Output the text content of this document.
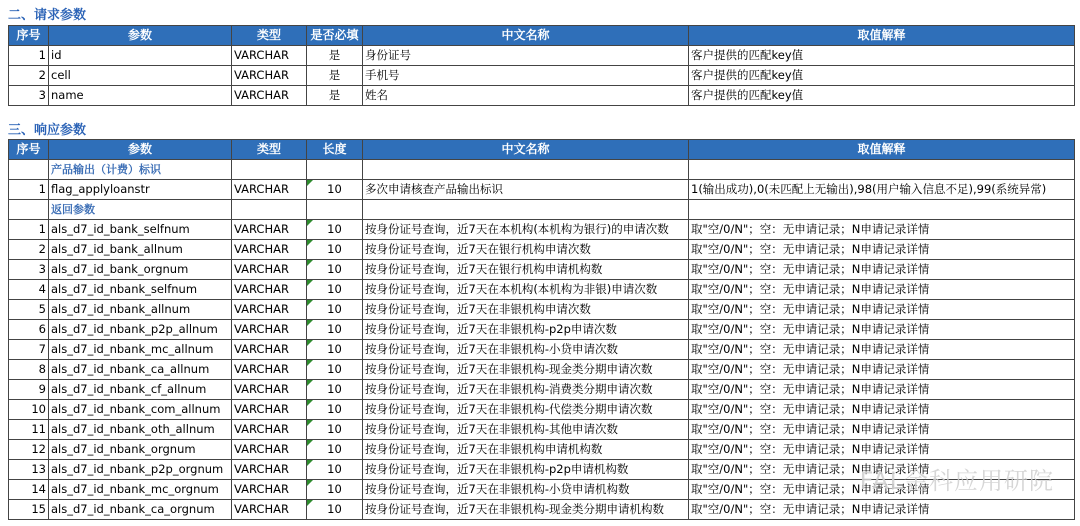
二、请求参数
序号	参数	类型	是否必填	中文名称	取值解释
1	id	VARCHAR	是	身份证号	客户提供的匹配key值
2	cell	VARCHAR	是	手机号	客户提供的匹配key值
3	name	VARCHAR	是	姓名	客户提供的匹配key值
三、响应参数
序号	参数	类型	长度	中文名称	取值解释
	产品输出（计费）标识				
1	flag_applyloanstr	VARCHAR	10	多次申请核查产品输出标识	1(输出成功),0(未匹配上无输出),98(用户输入信息不足),99(系统异常)
	返回参数				
1	als_d7_id_bank_selfnum	VARCHAR	10	按身份证号查询，近7天在本机构(本机构为银行)的申请次数	取"空/0/N"；空：无申请记录；N申请记录详情
2	als_d7_id_bank_allnum	VARCHAR	10	按身份证号查询，近7天在银行机构申请次数	取"空/0/N"；空：无申请记录；N申请记录详情
3	als_d7_id_bank_orgnum	VARCHAR	10	按身份证号查询，近7天在银行机构申请机构数	取"空/0/N"；空：无申请记录；N申请记录详情
4	als_d7_id_nbank_selfnum	VARCHAR	10	按身份证号查询，近7天在本机构(本机构为非银)申请次数	取"空/0/N"；空：无申请记录；N申请记录详情
5	als_d7_id_nbank_allnum	VARCHAR	10	按身份证号查询，近7天在非银机构申请次数	取"空/0/N"；空：无申请记录；N申请记录详情
6	als_d7_id_nbank_p2p_allnum	VARCHAR	10	按身份证号查询，近7天在非银机构-p2p申请次数	取"空/0/N"；空：无申请记录；N申请记录详情
7	als_d7_id_nbank_mc_allnum	VARCHAR	10	按身份证号查询，近7天在非银机构-小贷申请次数	取"空/0/N"；空：无申请记录；N申请记录详情
8	als_d7_id_nbank_ca_allnum	VARCHAR	10	按身份证号查询，近7天在非银机构-现金类分期申请次数	取"空/0/N"；空：无申请记录；N申请记录详情
9	als_d7_id_nbank_cf_allnum	VARCHAR	10	按身份证号查询，近7天在非银机构-消费类分期申请次数	取"空/0/N"；空：无申请记录；N申请记录详情
10	als_d7_id_nbank_com_allnum	VARCHAR	10	按身份证号查询，近7天在非银机构-代偿类分期申请次数	取"空/0/N"；空：无申请记录；N申请记录详情
11	als_d7_id_nbank_oth_allnum	VARCHAR	10	按身份证号查询，近7天在非银机构-其他申请次数	取"空/0/N"；空：无申请记录；N申请记录详情
12	als_d7_id_nbank_orgnum	VARCHAR	10	按身份证号查询，近7天在非银机构申请机构数	取"空/0/N"；空：无申请记录；N申请记录详情
13	als_d7_id_nbank_p2p_orgnum	VARCHAR	10	按身份证号查询，近7天在非银机构-p2p申请机构数	取"空/0/N"；空：无申请记录；N申请记录详情
14	als_d7_id_nbank_mc_orgnum	VARCHAR	10	按身份证号查询，近7天在非银机构-小贷申请机构数	取"空/0/N"；空：无申请记录；N申请记录详情
15	als_d7_id_nbank_ca_orgnum	VARCHAR	10	按身份证号查询，近7天在非银机构-现金类分期申请机构数	取"空/0/N"；空：无申请记录；N申请记录详情
FAL金科应用研院
